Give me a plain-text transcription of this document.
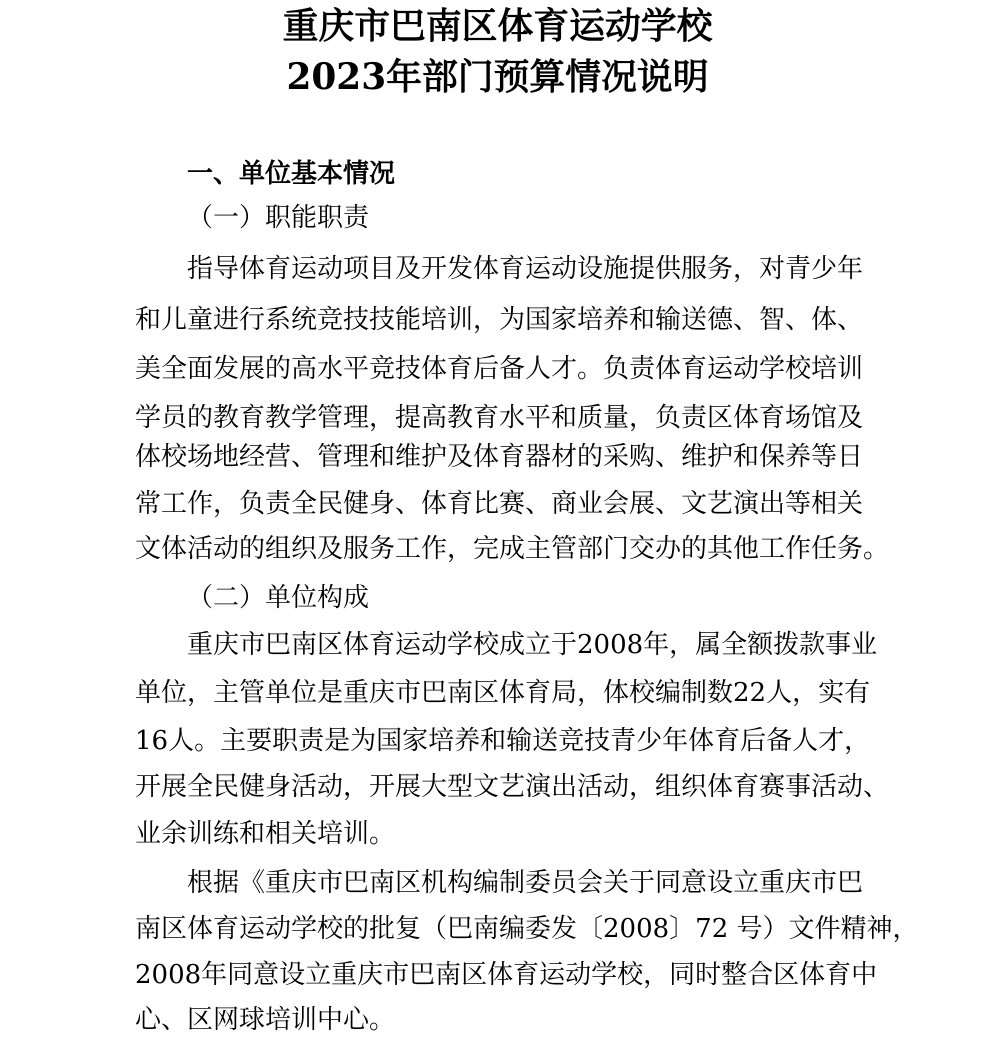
重庆市巴南区体育运动学校
2023年部门预算情况说明
一、单位基本情况
（一）职能职责
指导体育运动项目及开发体育运动设施提供服务，对青少年
和儿童进行系统竞技技能培训，为国家培养和输送德、智、体、
美全面发展的高水平竞技体育后备人才。负责体育运动学校培训
学员的教育教学管理，提高教育水平和质量，负责区体育场馆及
体校场地经营、管理和维护及体育器材的采购、维护和保养等日
常工作，负责全民健身、体育比赛、商业会展、文艺演出等相关
文体活动的组织及服务工作，完成主管部门交办的其他工作任务。
（二）单位构成
重庆市巴南区体育运动学校成立于2008年，属全额拨款事业
单位，主管单位是重庆市巴南区体育局，体校编制数22人，实有
16人。主要职责是为国家培养和输送竞技青少年体育后备人才，
开展全民健身活动，开展大型文艺演出活动，组织体育赛事活动、
业余训练和相关培训。
根据《重庆市巴南区机构编制委员会关于同意设立重庆市巴
南区体育运动学校的批复（巴南编委发〔2008〕72 号）文件精神，
2008年同意设立重庆市巴南区体育运动学校，同时整合区体育中
心、区网球培训中心。
